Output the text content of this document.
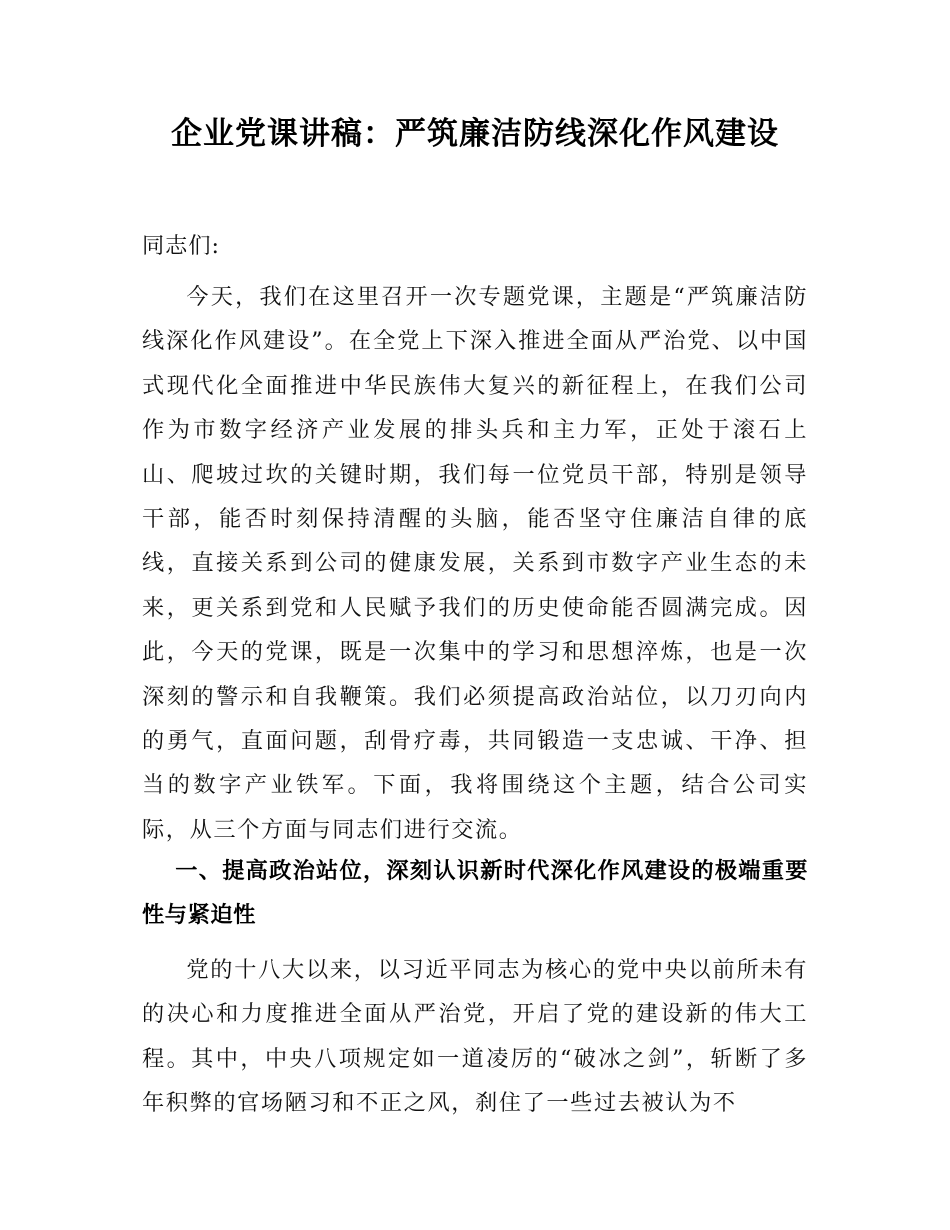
企业党课讲稿：严筑廉洁防线深化作风建设
同志们:
今天，我们在这里召开一次专题党课，主题是“严筑廉洁防线深化作风建设”。在全党上下深入推进全面从严治党、以中国式现代化全面推进中华民族伟大复兴的新征程上，在我们公司作为市数字经济产业发展的排头兵和主力军，正处于滚石上山、爬坡过坎的关键时期，我们每一位党员干部，特别是领导干部，能否时刻保持清醒的头脑，能否坚守住廉洁自律的底线，直接关系到公司的健康发展，关系到市数字产业生态的未来，更关系到党和人民赋予我们的历史使命能否圆满完成。因此，今天的党课，既是一次集中的学习和思想淬炼，也是一次深刻的警示和自我鞭策。我们必须提高政治站位，以刀刃向内的勇气，直面问题，刮骨疗毒，共同锻造一支忠诚、干净、担当的数字产业铁军。下面，我将围绕这个主题，结合公司实际，从三个方面与同志们进行交流。
一、提高政治站位，深刻认识新时代深化作风建设的极端重要性与紧迫性
党的十八大以来，以习近平同志为核心的党中央以前所未有的决心和力度推进全面从严治党，开启了党的建设新的伟大工程。其中，中央八项规定如一道凌厉的“破冰之剑”，斩断了多年积弊的官场陋习和不正之风，刹住了一些过去被认为不
